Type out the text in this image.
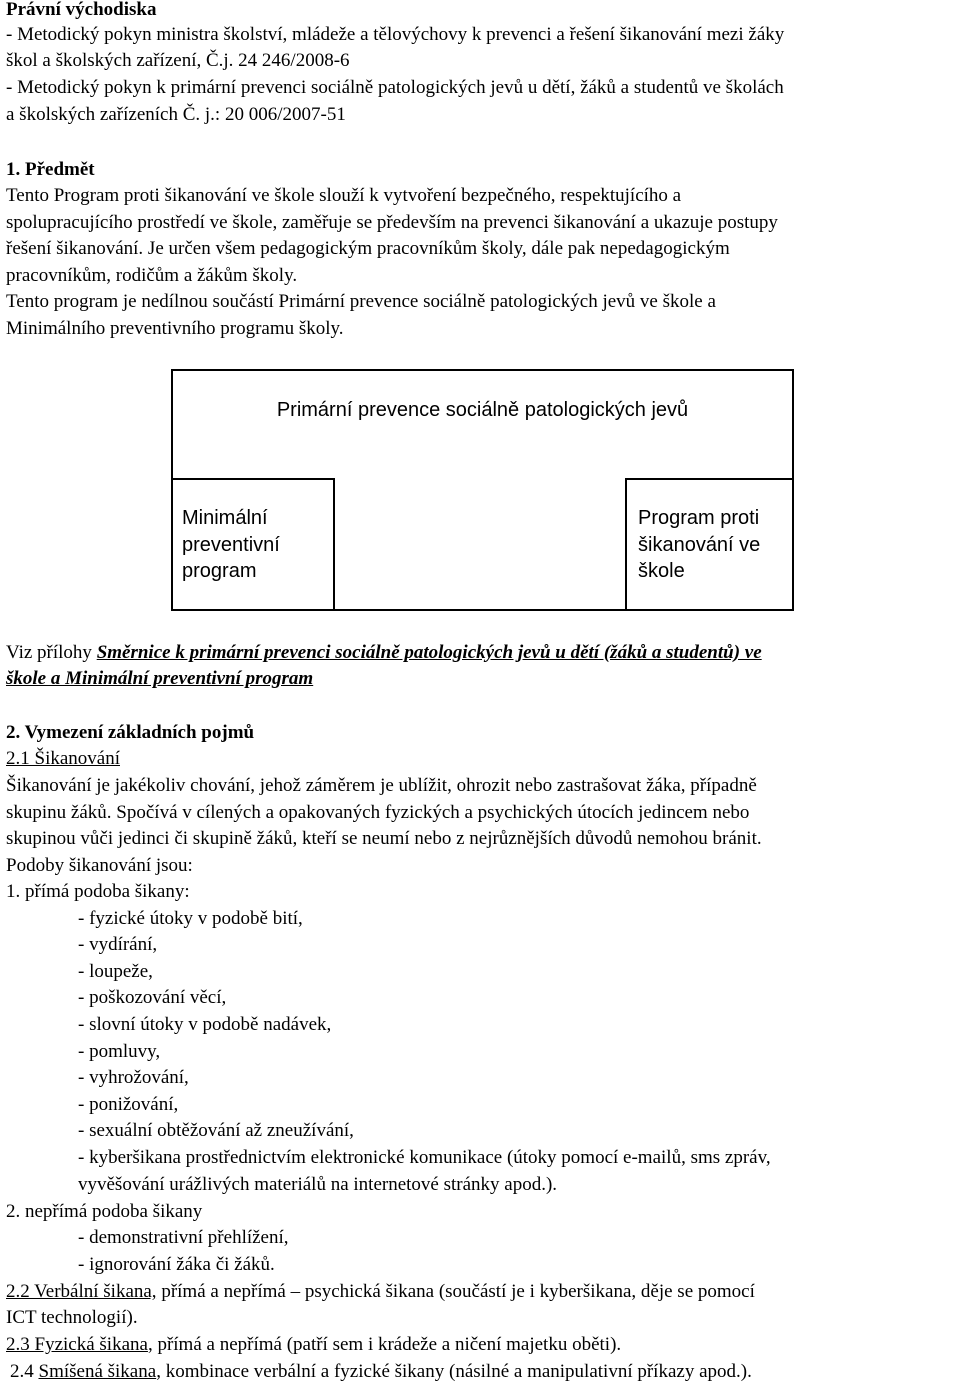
Právní východiska
- Metodický pokyn ministra školství, mládeže a tělovýchovy k prevenci a řešení šikanování mezi žáky
škol a školských zařízení, Č.j. 24 246/2008-6
- Metodický pokyn k primární prevenci sociálně patologických jevů u dětí, žáků a studentů ve školách
a školských zařízeních Č. j.: 20 006/2007-51
1. Předmět
Tento Program proti šikanování ve škole slouží k vytvoření bezpečného, respektujícího a
spolupracujícího prostředí ve škole, zaměřuje se především na prevenci šikanování a ukazuje postupy
řešení šikanování. Je určen všem pedagogickým pracovníkům školy, dále pak nepedagogickým
pracovníkům, rodičům a žákům školy.
Tento program je nedílnou součástí Primární prevence sociálně patologických jevů ve škole a
Minimálního preventivního programu školy.
Primární prevence sociálně patologických jevů
Minimální
preventivní
program
Program proti
šikanování ve
škole
Viz přílohy Směrnice k primární prevenci sociálně patologických jevů u dětí (žáků a studentů) ve
škole a Minimální preventivní program
2. Vymezení základních pojmů
2.1 Šikanování
Šikanování je jakékoliv chování, jehož záměrem je ublížit, ohrozit nebo zastrašovat žáka, případně
skupinu žáků. Spočívá v cílených a opakovaných fyzických a psychických útocích jedincem nebo
skupinou vůči jedinci či skupině žáků, kteří se neumí nebo z nejrůznějších důvodů nemohou bránit.
Podoby šikanování jsou:
1. přímá podoba šikany:
- fyzické útoky v podobě bití,
- vydírání,
- loupeže,
- poškozování věcí,
- slovní útoky v podobě nadávek,
- pomluvy,
- vyhrožování,
- ponižování,
- sexuální obtěžování až zneužívání,
- kyberšikana prostřednictvím elektronické komunikace (útoky pomocí e-mailů, sms zpráv,
vyvěšování urážlivých materiálů na internetové stránky apod.).
2. nepřímá podoba šikany
- demonstrativní přehlížení,
- ignorování žáka či žáků.
2.2 Verbální šikana, přímá a nepřímá – psychická šikana (součástí je i kyberšikana, děje se pomocí
ICT technologií).
2.3 Fyzická šikana, přímá a nepřímá (patří sem i krádeže a ničení majetku oběti).
2.4 Smíšená šikana, kombinace verbální a fyzické šikany (násilné a manipulativní příkazy apod.).
